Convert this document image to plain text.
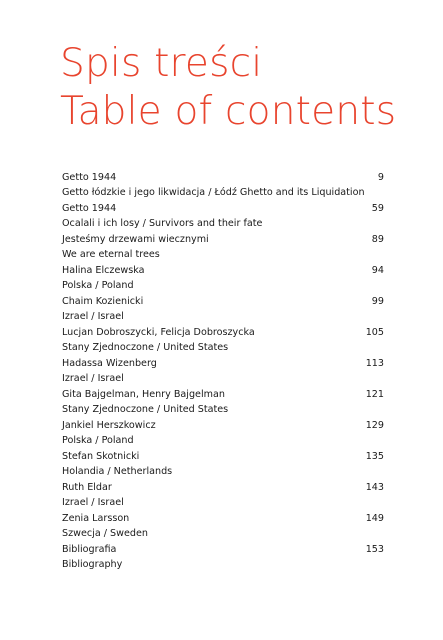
Spis treści
Table of contents
Getto 1944
Getto łódzkie i jego likwidacja / Łódź Ghetto and its Liquidation
9
Getto 1944
Ocalali i ich losy / Survivors and their fate
59
Jesteśmy drzewami wiecznymi
We are eternal trees
89
Halina Elczewska
Polska / Poland
94
Chaim Kozienicki
Izrael / Israel
99
Lucjan Dobroszycki, Felicja Dobroszycka
Stany Zjednoczone / United States
105
Hadassa Wizenberg
Izrael / Israel
113
Gita Bajgelman, Henry Bajgelman
Stany Zjednoczone / United States
121
Jankiel Herszkowicz
Polska / Poland
129
Stefan Skotnicki
Holandia / Netherlands
135
Ruth Eldar
Izrael / Israel
143
Zenia Larsson
Szwecja / Sweden
149
Bibliografia
Bibliography
153
